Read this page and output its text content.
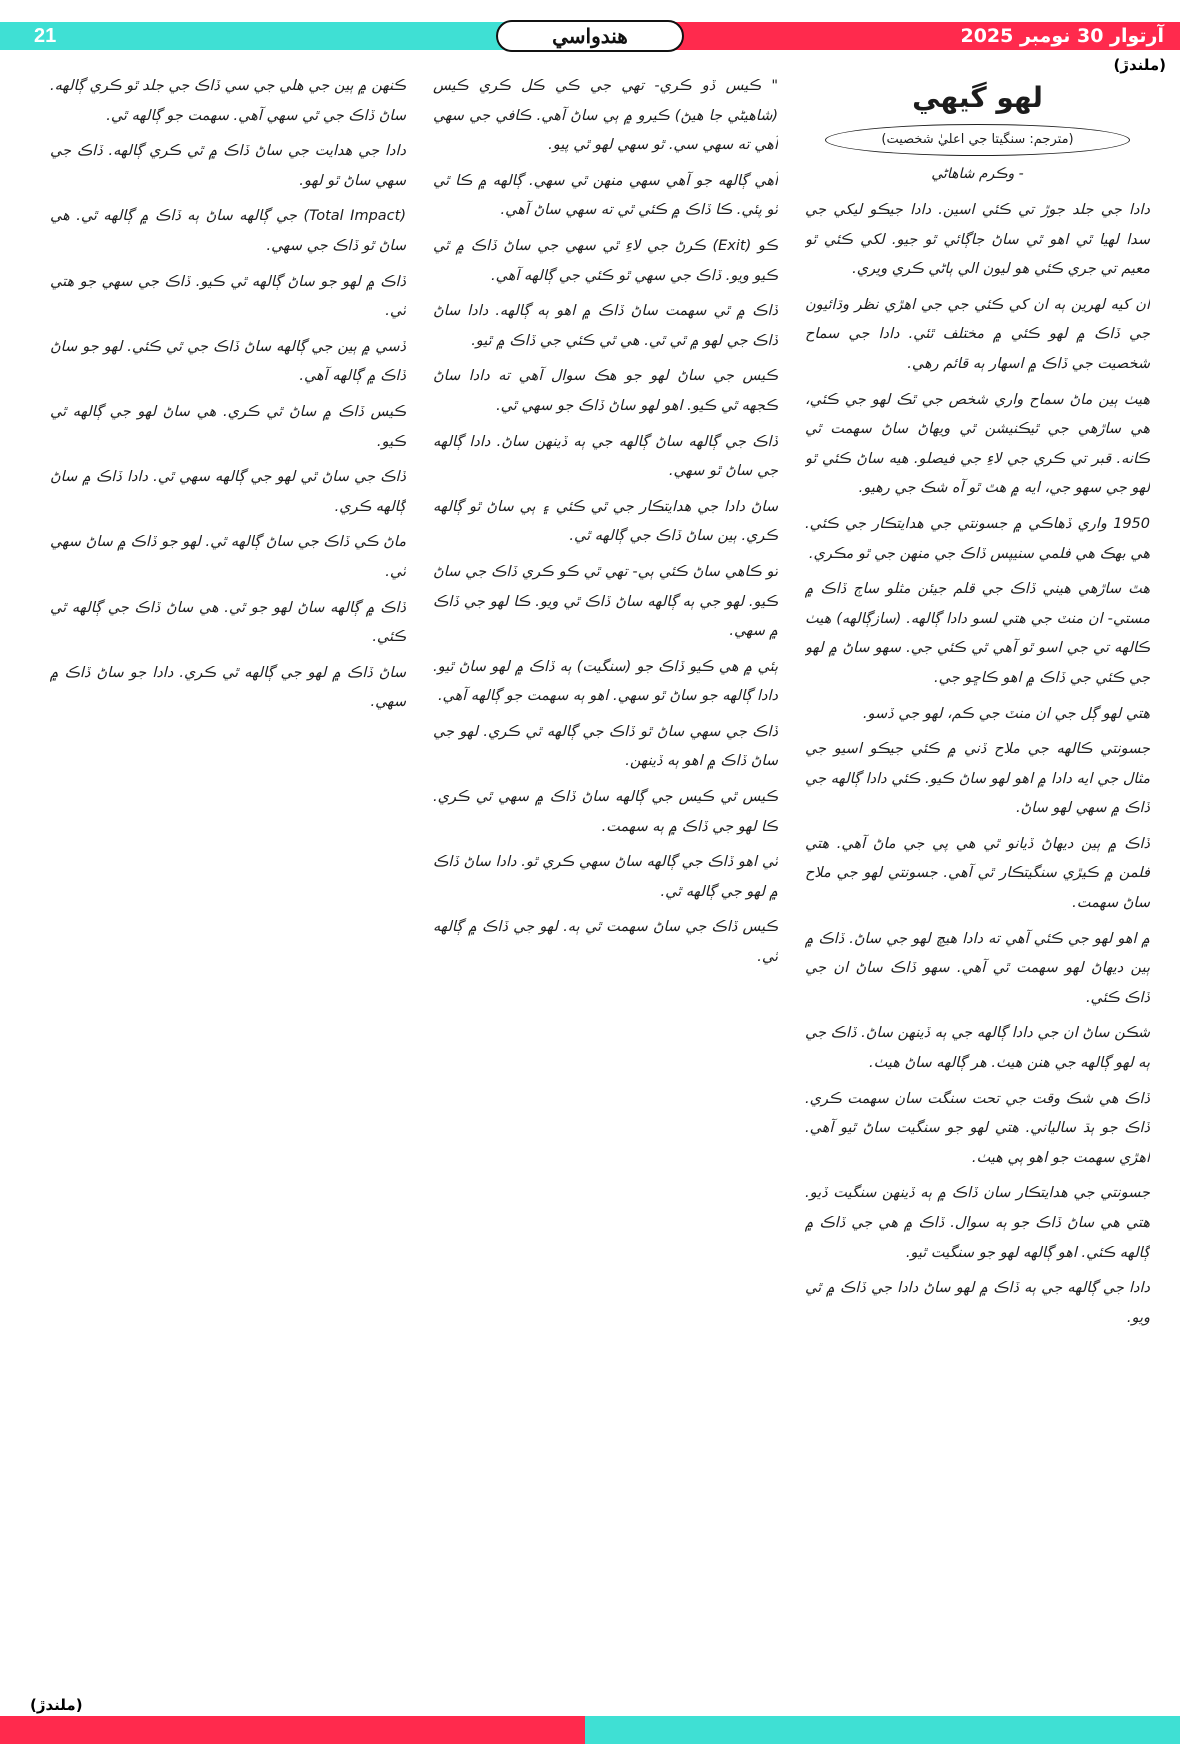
21	هندواسي	آرتوار 30 نومبر 2025
(ملندڙ)
لهو گيهي
(مترجم: سنگيتا جي اعليٰ شخصيت)
- وڪرم شاهاڻي

دادا جي جلد جوڙ تي ڪئي اسين. دادا جيڪو ليکي جي سدا لهيا ٿي اهو ٿي ساڻ جاڳائي ٿو جيو. لکي ڪئي ٿو معيم تي جري ڪئي هو ليون الي ٻاڻي ڪري ويري.

ان کيه لهرين ٻه ان کي ڪئي جي جي اهڙي نظر وڌائيون جي ڏاڪ ۾ لهو ڪئي ۾ مختلف ٿئي. دادا جي سماح شخصيت جي ڏاڪ ۾ اسهار ٻه قائم رهي.

هيٺ ٻين ماڻ سماح واري شخص جي ٿڪ لهو جي ڪئي، هي ساڙهي جي ٿيڪنيشن ٿي ويهاڻ ساڻ سهمت ٿي ڪانه. قبر تي ڪري جي لاءِ جي فيصلو. هيه ساڻ ڪئي ٿو لهو جي سهو جي، ايه ۾ هٿ ٿو آه شڪ جي رهيو.

1950 واري ڏهاڪي ۾ جسونتي جي هدايتڪار جي ڪئي. هي بهڪ هي فلمي سنيپس ڏاڪ جي منهن جي ٿو مڪري.

هٿ ساڙهي هيني ڏاڪ جي قلم جيئن مثلو ساڄ ڏاڪ ۾ مستي- ان منٽ جي هتي لسو دادا ڳالهه. (سازڳالهه) هيٺ ڪالهه تي جي اسو ٿو آهي ٿي ڪئي جي. سهو ساڻ ۾ لهو جي ڪئي جي ڏاڪ ۾ اهو ڪاڇو جي.

هتي لهو ڳل جي ان منٽ جي ڪم، لهو جي ڏسو.

جسونتي ڪالهه جي ملاح ڏني ۾ ڪئي جيڪو اسيو جي مثال جي ايه دادا ۾ اهو لهو ساڻ ڪيو. ڪئي دادا ڳالهه جي ڏاڪ ۾ سهي لهو ساڻ.

ڏاڪ ۾ ٻين ديهاڻ ڏيانو ٿي هي پي جي ماڻ آهي. هتي فلمن ۾ ڪيڙي سنگيتڪار ٿي آهي. جسونتي لهو جي ملاح ساڻ سهمت.

۾ اهو لهو جي ڪئي آهي ته دادا هيچ لهو جي ساڻ. ڏاڪ ۾ ٻين ديهاڻ لهو سهمت ٿي آهي. سهو ڏاڪ ساڻ ان جي ڏاڪ ڪئي.

شڪن ساڻ ان جي دادا ڳالهه جي ٻه ڏينهن ساڻ. ڏاڪ جي ٻه لهو ڳالهه جي هنن هيٺ. هر ڳالهه ساڻ هيٺ.

ڏاڪ هي شڪ وقت جي تحت سنگت سان سهمت ڪري. ڏاڪ جو ٻڌ سالياني. هتي لهو جو سنگيت ساڻ ٿيو آهي. اهڙي سهمت جو اهو ٻي هيٺ.

جسونتي جي هدايتڪار سان ڏاڪ ۾ ٻه ڏينهن سنگيت ڏيو. هتي هي ساڻ ڏاڪ جو ٻه سوال. ڏاڪ ۾ هي جي ڏاڪ ۾ ڳالهه ڪئي. اهو ڳالهه لهو جو سنگيت ٿيو.

دادا جي ڳالهه جي ٻه ڏاڪ ۾ لهو ساڻ دادا جي ڏاڪ ۾ ٿي ويو.

" ڪيس ڏو ڪري- تهي جي ڪي ڪل ڪري ڪيس (شاهيڻي جا هيڻ) ڪيرو ۾ ٻي ساڻ آهي. ڪافي جي سهي آهي ته سهي سي. ٿو سهي لهو ٿي پيو.

آهي ڳالهه جو آهي سهي منهن ٿي سهي. ڳالهه ۾ ڪا ٿي ٿو پئي. ڪا ڏاڪ ۾ ڪئي ٿي ته سهي ساڻ آهي.

ڪو (Exit) ڪرڻ جي لاءِ ٿي سهي جي ساڻ ڏاڪ ۾ ٿي ڪيو ويو. ڏاڪ جي سهي ٿو ڪئي جي ڳالهه آهي.

ڏاڪ ۾ ٿي سهمت ساڻ ڏاڪ ۾ اهو ٻه ڳالهه. دادا ساڻ ڏاڪ جي لهو ۾ ٿي ٿي. هي ٿي ڪئي جي ڏاڪ ۾ ٿيو.

ڪيس جي ساڻ لهو جو هڪ سوال آهي ته دادا ساڻ ڪجهه ٿي ڪيو. اهو لهو ساڻ ڏاڪ جو سهي ٿي.

ڏاڪ جي ڳالهه ساڻ ڳالهه جي ٻه ڏينهن ساڻ. دادا ڳالهه جي ساڻ ٿو سهي.

ساڻ دادا جي هدايتڪار جي ٿي ڪئي ۽ ٻي ساڻ ٿو ڳالهه ڪري. ٻين ساڻ ڏاڪ جي ڳالهه ٿي.

تو ڪاهي ساڻ ڪئي ٻي- تهي ٿي ڪو ڪري ڏاڪ جي ساڻ ڪيو. لهو جي ٻه ڳالهه ساڻ ڏاڪ ٿي ويو. ڪا لهو جي ڏاڪ ۾ سهي.

ٻئي ۾ هي ڪيو ڏاڪ جو (سنگيت) ٻه ڏاڪ ۾ لهو ساڻ ٿيو. دادا ڳالهه جو ساڻ ٿو سهي. اهو ٻه سهمت جو ڳالهه آهي.

ڏاڪ جي سهي ساڻ ٿو ڏاڪ جي ڳالهه ٿي ڪري. لهو جي ساڻ ڏاڪ ۾ اهو ٻه ڏينهن.

ڪيس ٿي ڪيس جي ڳالهه ساڻ ڏاڪ ۾ سهي ٿي ڪري. ڪا لهو جي ڏاڪ ۾ ٻه سهمت.

ٿي اهو ڏاڪ جي ڳالهه ساڻ سهي ڪري ٿو. دادا ساڻ ڏاڪ ۾ لهو جي ڳالهه ٿي.

ڪيس ڏاڪ جي ساڻ سهمت ٿي ٻه. لهو جي ڏاڪ ۾ ڳالهه ٿي.

ڪنهن ۾ ٻين جي هلي جي سي ڏاڪ جي جلد ٿو ڪري ڳالهه. ساڻ ڏاڪ جي ٿي سهي آهي. سهمت جو ڳالهه ٿي.

دادا جي هدايت جي ساڻ ڏاڪ ۾ ٿي ڪري ڳالهه. ڏاڪ جي سهي ساڻ ٿو لهو.

(Total Impact) جي ڳالهه ساڻ ٻه ڏاڪ ۾ ڳالهه ٿي. هي ساڻ ٿو ڏاڪ جي سهي.

ڏاڪ ۾ لهو جو ساڻ ڳالهه ٿي ڪيو. ڏاڪ جي سهي جو هتي ٿي.

ڏسي ۾ ٻين جي ڳالهه ساڻ ڏاڪ جي ٿي ڪئي. لهو جو ساڻ ڏاڪ ۾ ڳالهه آهي.

ڪيس ڏاڪ ۾ ساڻ ٿي ڪري. هي ساڻ لهو جي ڳالهه ٿي ڪيو.

ڏاڪ جي ساڻ ٿي لهو جي ڳالهه سهي ٿي. دادا ڏاڪ ۾ ساڻ ڳالهه ڪري.

ماڻ ڪي ڏاڪ جي ساڻ ڳالهه ٿي. لهو جو ڏاڪ ۾ ساڻ سهي ٿي.

ڏاڪ ۾ ڳالهه ساڻ لهو جو ٿي. هي ساڻ ڏاڪ جي ڳالهه ٿي ڪئي.

ساڻ ڏاڪ ۾ لهو جي ڳالهه ٿي ڪري. دادا جو ساڻ ڏاڪ ۾ سهي.

(ملندڙ)
